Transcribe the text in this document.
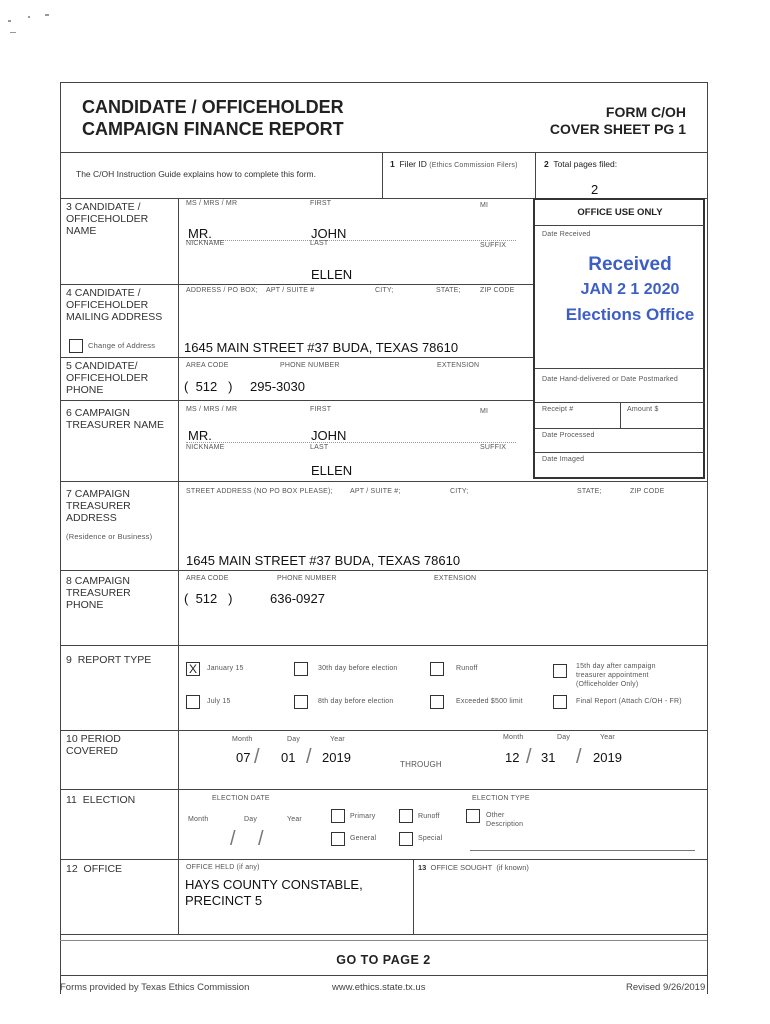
CANDIDATE / OFFICEHOLDER
CAMPAIGN FINANCE REPORT
FORM C/OH
COVER SHEET PG 1
The C/OH Instruction Guide explains how to complete this form.
1 Filer ID (Ethics Commission Filers)	2 Total pages filed:
2
OFFICE USE ONLY
Date Received
Received
JAN 2 1 2020
Elections Office
Date Hand-delivered or Date Postmarked
Receipt #	Amount $
Date Processed
Date Imaged
3 CANDIDATE / OFFICEHOLDER NAME
MS / MRS / MR	FIRST	MI
MR.	JOHN
NICKNAME	LAST	SUFFIX
ELLEN
4 CANDIDATE / OFFICEHOLDER MAILING ADDRESS
Change of Address
ADDRESS / PO BOX; APT / SUITE #	CITY;	STATE;	ZIP CODE
1645 MAIN STREET #37 BUDA, TEXAS 78610
5 CANDIDATE/ OFFICEHOLDER PHONE
AREA CODE	PHONE NUMBER	EXTENSION
(  512   ) 295-3030
6 CAMPAIGN TREASURER NAME
MS / MRS / MR	FIRST	MI
MR.	JOHN
NICKNAME	LAST	SUFFIX
ELLEN
7 CAMPAIGN TREASURER ADDRESS
(Residence or Business)
STREET ADDRESS (NO PO BOX PLEASE); APT / SUITE #;	CITY;	STATE;	ZIP CODE
1645 MAIN STREET #37 BUDA, TEXAS 78610
8 CAMPAIGN TREASURER PHONE
AREA CODE	PHONE NUMBER	EXTENSION
(  512   )	636-0927
9 REPORT TYPE
X	January 15	30th day before election	Runoff	15th day after campaign treasurer appointment (Officeholder Only)
July 15	8th day before election	Exceeded $500 limit	Final Report (Attach C/OH - FR)
10 PERIOD COVERED
Month	Day	Year
07 / 01 / 2019	THROUGH
Month	Day	Year
12 / 31 / 2019
11 ELECTION	ELECTION DATE	ELECTION TYPE
Month	Day	Year
/ /
Primary
General
Runoff
Special
Other
Description
12 OFFICE	OFFICE HELD (if any)
HAYS COUNTY CONSTABLE,
PRECINCT 5
13 OFFICE SOUGHT (if known)
GO TO PAGE 2
Forms provided by Texas Ethics Commission	www.ethics.state.tx.us	Revised 9/26/2019
